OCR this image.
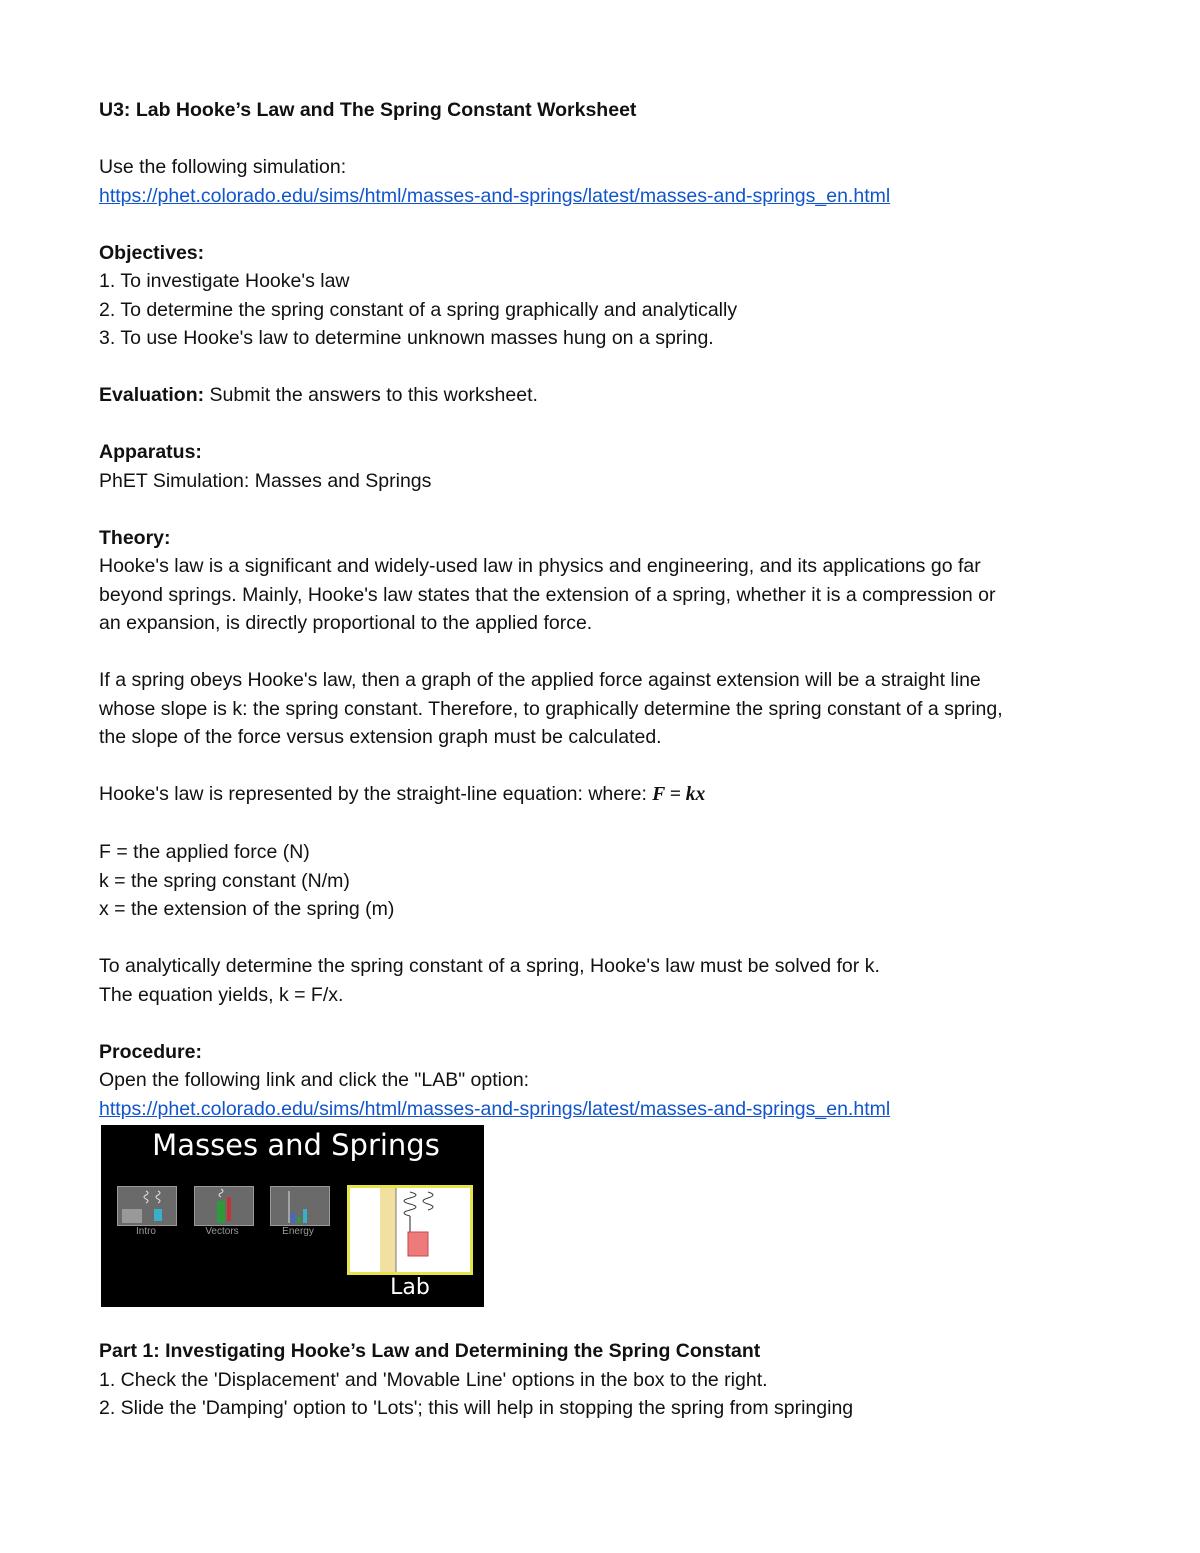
U3: Lab Hooke’s Law and The Spring Constant Worksheet
Use the following simulation:
https://phet.colorado.edu/sims/html/masses-and-springs/latest/masses-and-springs_en.html
Objectives:
1. To investigate Hooke's law
2. To determine the spring constant of a spring graphically and analytically
3. To use Hooke's law to determine unknown masses hung on a spring.
Evaluation: Submit the answers to this worksheet.
Apparatus:
PhET Simulation: Masses and Springs
Theory:
Hooke's law is a significant and widely-used law in physics and engineering, and its applications go far
beyond springs. Mainly, Hooke's law states that the extension of a spring, whether it is a compression or
an expansion, is directly proportional to the applied force.
If a spring obeys Hooke's law, then a graph of the applied force against extension will be a straight line
whose slope is k: the spring constant. Therefore, to graphically determine the spring constant of a spring,
the slope of the force versus extension graph must be calculated.
Hooke's law is represented by the straight-line equation: where: F = kx
F = the applied force (N)
k = the spring constant (N/m)
x = the extension of the spring (m)
To analytically determine the spring constant of a spring, Hooke's law must be solved for k.
The equation yields, k = F/x.
Procedure:
Open the following link and click the "LAB" option:
https://phet.colorado.edu/sims/html/masses-and-springs/latest/masses-and-springs_en.html
Masses and Springs
Intro	Vectors	Energy
Lab
Part 1: Investigating Hooke’s Law and Determining the Spring Constant
1. Check the 'Displacement' and 'Movable Line' options in the box to the right.
2. Slide the 'Damping' option to 'Lots'; this will help in stopping the spring from springing
